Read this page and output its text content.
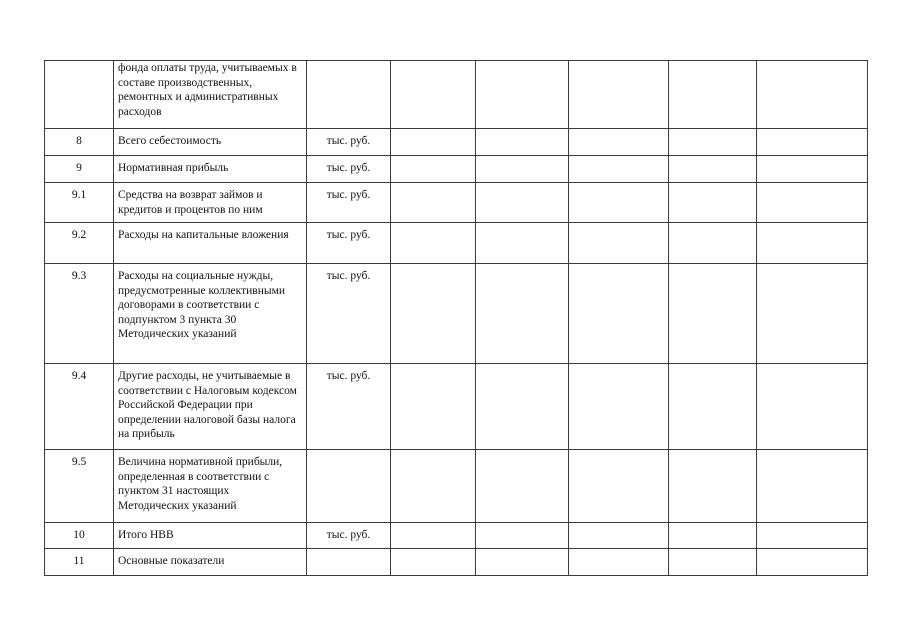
	фонда оплаты труда, учитываемых в составе производственных, ремонтных и административных расходов						
8	Всего себестоимость	тыс. руб.					
9	Нормативная прибыль	тыс. руб.					
9.1	Средства на возврат займов и кредитов и процентов по ним	тыс. руб.					
9.2	Расходы на капитальные вложения	тыс. руб.					
9.3	Расходы на социальные нужды, предусмотренные коллективными договорами в соответствии с подпунктом 3 пункта 30 Методических указаний	тыс. руб.					
9.4	Другие расходы, не учитываемые в соответствии с Налоговым кодексом Российской Федерации при определении налоговой базы налога на прибыль	тыс. руб.					
9.5	Величина нормативной прибыли, определенная в соответствии с пунктом 31 настоящих Методических указаний						
10	Итого НВВ	тыс. руб.					
11	Основные показатели						
